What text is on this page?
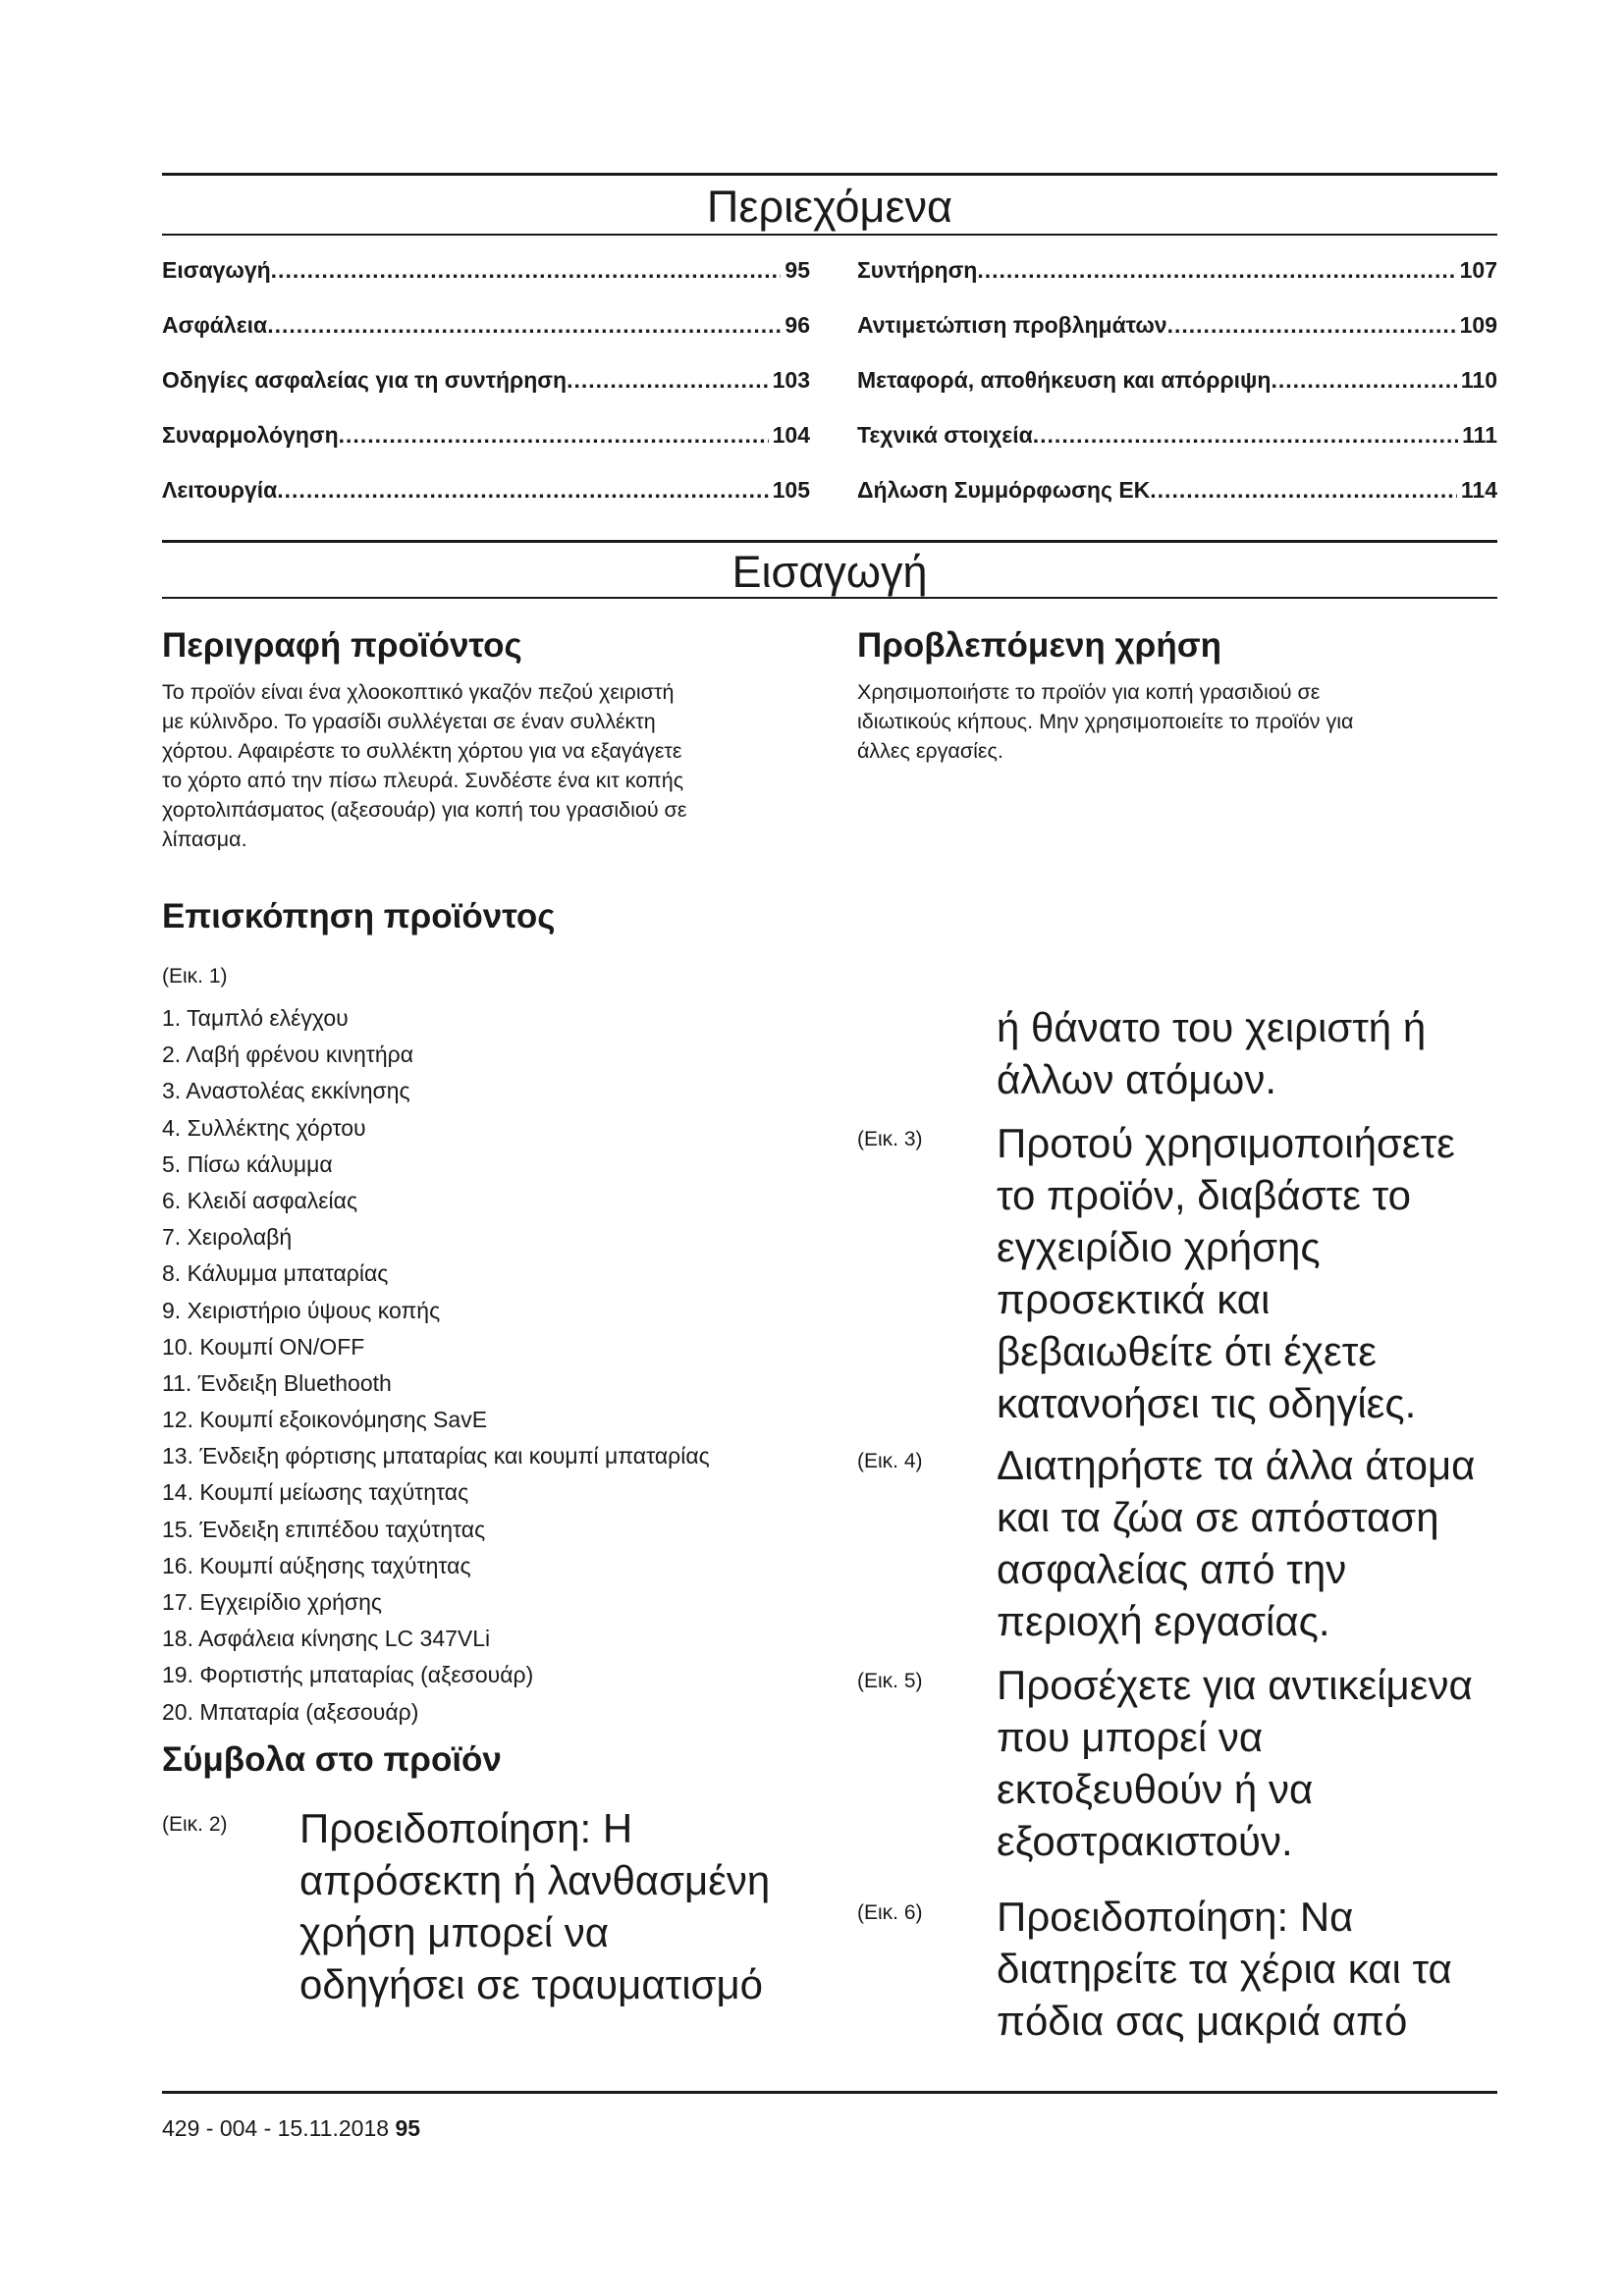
Περιεχόμενα
Εισαγωγή .....	95
Ασφάλεια .....	96
Οδηγίες ασφαλείας για τη συντήρηση .....	103
Συναρμολόγηση .....	104
Λειτουργία .....	105
Συντήρηση .....	107
Αντιμετώπιση προβλημάτων .....	109
Μεταφορά, αποθήκευση και απόρριψη .....	110
Τεχνικά στοιχεία .....	111
Δήλωση Συμμόρφωσης ΕΚ .....	114
Εισαγωγή
Περιγραφή προϊόντος
Το προϊόν είναι ένα χλοοκοπτικό γκαζόν πεζού χειριστή
με κύλινδρο. Το γρασίδι συλλέγεται σε έναν συλλέκτη
χόρτου. Αφαιρέστε το συλλέκτη χόρτου για να εξαγάγετε
το χόρτο από την πίσω πλευρά. Συνδέστε ένα κιτ κοπής
χορτολιπάσματος (αξεσουάρ) για κοπή του γρασιδιού σε
λίπασμα.
Προβλεπόμενη χρήση
Χρησιμοποιήστε το προϊόν για κοπή γρασιδιού σε
ιδιωτικούς κήπους. Μην χρησιμοποιείτε το προϊόν για
άλλες εργασίες.
Επισκόπηση προϊόντος
(Εικ. 1)
1. Ταμπλό ελέγχου
2. Λαβή φρένου κινητήρα
3. Αναστολέας εκκίνησης
4. Συλλέκτης χόρτου
5. Πίσω κάλυμμα
6. Κλειδί ασφαλείας
7. Χειρολαβή
8. Κάλυμμα μπαταρίας
9. Χειριστήριο ύψους κοπής
10. Κουμπί ON/OFF
11. Ένδειξη Bluethooth
12. Κουμπί εξοικονόμησης SavE
13. Ένδειξη φόρτισης μπαταρίας και κουμπί μπαταρίας
14. Κουμπί μείωσης ταχύτητας
15. Ένδειξη επιπέδου ταχύτητας
16. Κουμπί αύξησης ταχύτητας
17. Εγχειρίδιο χρήσης
18. Ασφάλεια κίνησης LC 347VLi
19. Φορτιστής μπαταρίας (αξεσουάρ)
20. Μπαταρία (αξεσουάρ)
Σύμβολα στο προϊόν
(Εικ. 2) Προειδοποίηση: Η
απρόσεκτη ή λανθασμένη
χρήση μπορεί να
οδηγήσει σε τραυματισμό
ή θάνατο του χειριστή ή
άλλων ατόμων.
(Εικ. 3) Προτού χρησιμοποιήσετε
το προϊόν, διαβάστε το
εγχειρίδιο χρήσης
προσεκτικά και
βεβαιωθείτε ότι έχετε
κατανοήσει τις οδηγίες.
(Εικ. 4) Διατηρήστε τα άλλα άτομα
και τα ζώα σε απόσταση
ασφαλείας από την
περιοχή εργασίας.
(Εικ. 5) Προσέχετε για αντικείμενα
που μπορεί να
εκτοξευθούν ή να
εξοστρακιστούν.
(Εικ. 6) Προειδοποίηση: Να
διατηρείτε τα χέρια και τα
πόδια σας μακριά από
429 - 004 - 15.11.2018 95
